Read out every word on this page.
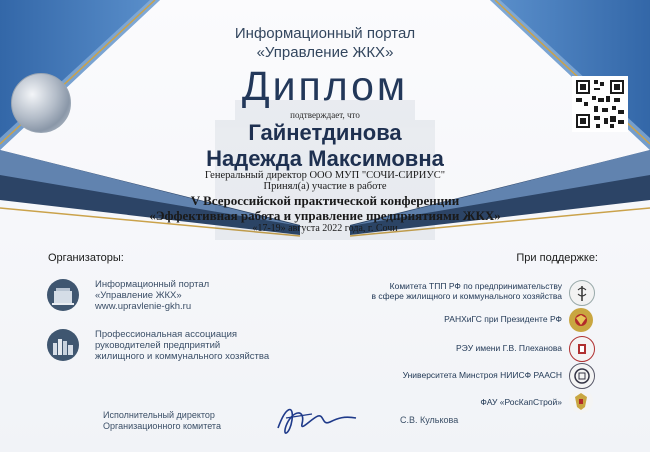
Информационный портал
«Управление ЖКХ»
Диплом
подтверждает, что
Гайнетдинова
Надежда Максимовна
Генеральный директор ООО МУП "СОЧИ-СИРИУС"
Принял(а) участие в работе
V Всероссийской практической конференции
«Эффективная работа и управление предприятиями ЖКХ»
«17-19» августа 2022 года, г. Сочи
Организаторы:
Информационный портал
«Управление ЖКХ»
www.upravlenie-gkh.ru
Профессиональная ассоциация
руководителей предприятий
жилищного и коммунального хозяйства
При поддержке:
Комитета ТПП РФ по предпринимательству
в сфере жилищного и коммунального хозяйства
РАНХиГС при Президенте РФ
РЭУ имени Г.В. Плеханова
Университета Минстроя НИИСФ РААСН
ФАУ «РосКапСтрой»
Исполнительный директор
Организационного комитета
С.В. Кулькова
